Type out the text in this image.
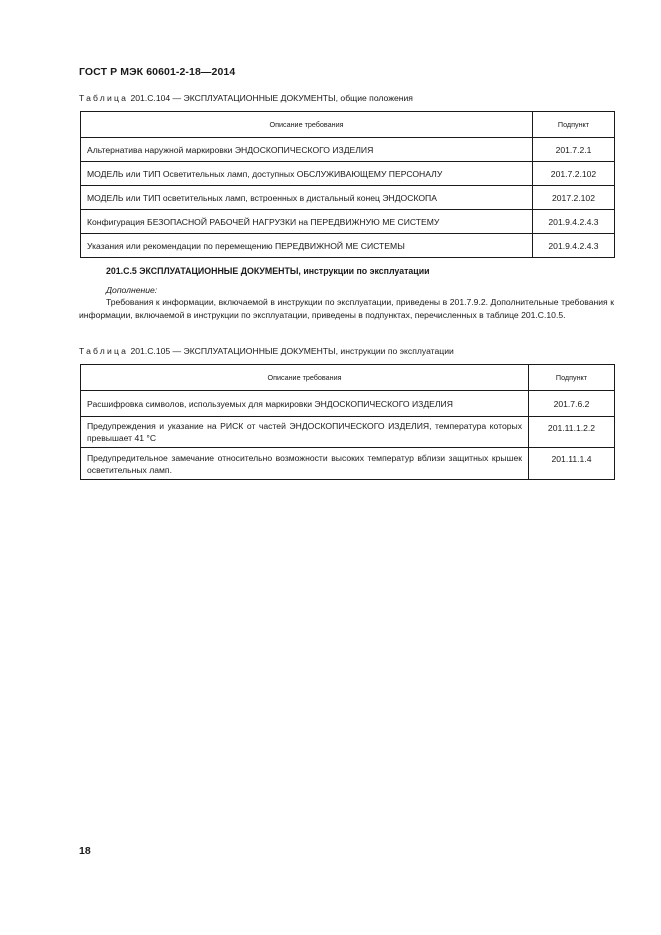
ГОСТ Р МЭК 60601-2-18—2014
Таблица 201.С.104 — ЭКСПЛУАТАЦИОННЫЕ ДОКУМЕНТЫ, общие положения
Описание требования	Подпункт
Альтернатива наружной маркировки ЭНДОСКОПИЧЕСКОГО ИЗДЕЛИЯ	201.7.2.1
МОДЕЛЬ или ТИП Осветительных ламп, доступных ОБСЛУЖИВАЮЩЕМУ ПЕРСОНАЛУ	201.7.2.102
МОДЕЛЬ или ТИП осветительных ламп, встроенных в дистальный конец ЭНДОСКОПА	2017.2.102
Конфигурация БЕЗОПАСНОЙ РАБОЧЕЙ НАГРУЗКИ на ПЕРЕДВИЖНУЮ МЕ СИСТЕМУ	201.9.4.2.4.3
Указания или рекомендации по перемещению ПЕРЕДВИЖНОЙ МЕ СИСТЕМЫ	201.9.4.2.4.3
201.С.5 ЭКСПЛУАТАЦИОННЫЕ ДОКУМЕНТЫ, инструкции по эксплуатации
Дополнение:
Требования к информации, включаемой в инструкции по эксплуатации, приведены в 201.7.9.2. Дополнительные требования к информации, включаемой в инструкции по эксплуатации, приведены в подпунктах, перечисленных в таблице 201.С.10.5.
Таблица 201.С.105 — ЭКСПЛУАТАЦИОННЫЕ ДОКУМЕНТЫ, инструкции по эксплуатации
Описание требования	Подпункт
Расшифровка символов, используемых для маркировки ЭНДОСКОПИЧЕСКОГО ИЗДЕЛИЯ	201.7.6.2
Предупреждения и указание на РИСК от частей ЭНДОСКОПИЧЕСКОГО ИЗДЕЛИЯ, температура которых превышает 41 °С	201.11.1.2.2
Предупредительное замечание относительно возможности высоких температур вблизи защитных крышек осветительных ламп.	201.11.1.4
18
